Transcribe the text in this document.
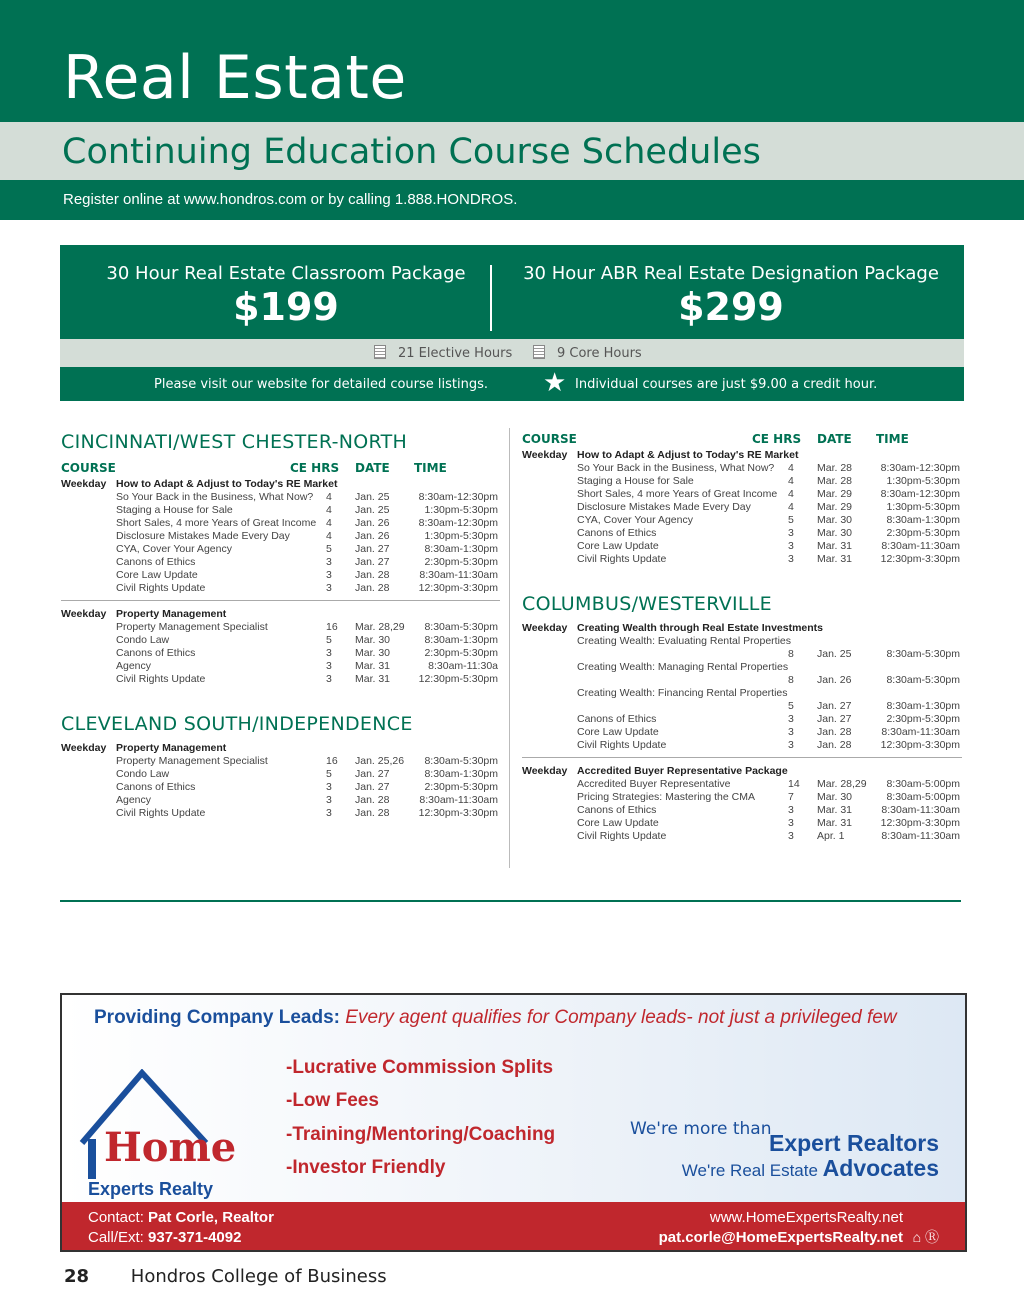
Real Estate
Continuing Education Course Schedules

Register online at www.hondros.com or by calling 1.888.HONDROS.

30 Hour Real Estate Classroom Package
$199
30 Hour ABR Real Estate Designation Package
$299
21 Elective Hours	9 Core Hours
Please visit our website for detailed course listings. ★ Individual courses are just $9.00 a credit hour.
CINCINNATI/WEST CHESTER-NORTH
COURSE	CE HRS DATE TIME
Weekday How to Adapt & Adjust to Today's RE Market
So Your Back in the Business, What Now? 4 Jan. 25	8:30am-12:30pm
Staging a House for Sale	4 Jan. 25	1:30pm-5:30pm
Short Sales, 4 more Years of Great Income 4 Jan. 26	8:30am-12:30pm
Disclosure Mistakes Made Every Day	4 Jan. 26	1:30pm-5:30pm
CYA, Cover Your Agency	5 Jan. 27	8:30am-1:30pm
Canons of Ethics	3 Jan. 27	2:30pm-5:30pm
Core Law Update	3 Jan. 28	8:30am-11:30am
Civil Rights Update	3 Jan. 28	12:30pm-3:30pm
Weekday Property Management
Property Management Specialist	16 Mar. 28,29 8:30am-5:30pm
Condo Law	5 Mar. 30	8:30am-1:30pm
Canons of Ethics	3 Mar. 30	2:30pm-5:30pm
Agency	3 Mar. 31	8:30am-11:30a
Civil Rights Update	3 Mar. 31	12:30pm-5:30pm
CLEVELAND SOUTH/INDEPENDENCE
Weekday Property Management
Property Management Specialist	16 Jan. 25,26 8:30am-5:30pm
Condo Law	5 Jan. 27	8:30am-1:30pm
Canons of Ethics	3 Jan. 27	2:30pm-5:30pm
Agency	3 Jan. 28	8:30am-11:30am
Civil Rights Update	3 Jan. 28	12:30pm-3:30pm
COURSE	CE HRS DATE TIME
Weekday How to Adapt & Adjust to Today's RE Market
So Your Back in the Business, What Now? 4 Mar. 28	8:30am-12:30pm
Staging a House for Sale	4 Mar. 28	1:30pm-5:30pm
Short Sales, 4 more Years of Great Income 4 Mar. 29	8:30am-12:30pm
Disclosure Mistakes Made Every Day	4 Mar. 29	1:30pm-5:30pm
CYA, Cover Your Agency	5 Mar. 30	8:30am-1:30pm
Canons of Ethics	3 Mar. 30	2:30pm-5:30pm
Core Law Update	3 Mar. 31	8:30am-11:30am
Civil Rights Update	3 Mar. 31	12:30pm-3:30pm
COLUMBUS/WESTERVILLE
Weekday Creating Wealth through Real Estate Investments
Creating Wealth: Evaluating Rental Properties
8 Jan. 25	8:30am-5:30pm
Creating Wealth: Managing Rental Properties
8 Jan. 26	8:30am-5:30pm
Creating Wealth: Financing Rental Properties
5 Jan. 27	8:30am-1:30pm
Canons of Ethics	3 Jan. 27	2:30pm-5:30pm
Core Law Update	3 Jan. 28	8:30am-11:30am
Civil Rights Update	3 Jan. 28	12:30pm-3:30pm
Weekday Accredited Buyer Representative Package
Accredited Buyer Representative	14 Mar. 28,29 8:30am-5:00pm
Pricing Strategies: Mastering the CMA	7 Mar. 30	8:30am-5:00pm
Canons of Ethics	3 Mar. 31	8:30am-11:30am
Core Law Update	3 Mar. 31	12:30pm-3:30pm
Civil Rights Update	3 Apr. 1	8:30am-11:30am
Providing Company Leads: Every agent qualifies for Company leads- not just a privileged few
-Lucrative Commission Splits
-Low Fees
-Training/Mentoring/Coaching
-Investor Friendly
Home
Experts Realty
We're more than
Expert Realtors
We're Real Estate Advocates
Contact: Pat Corle, Realtor
Call/Ext: 937-371-4092
www.HomeExpertsRealty.net
pat.corle@HomeExpertsRealty.net ⌂ Ⓡ
28 Hondros College of Business
